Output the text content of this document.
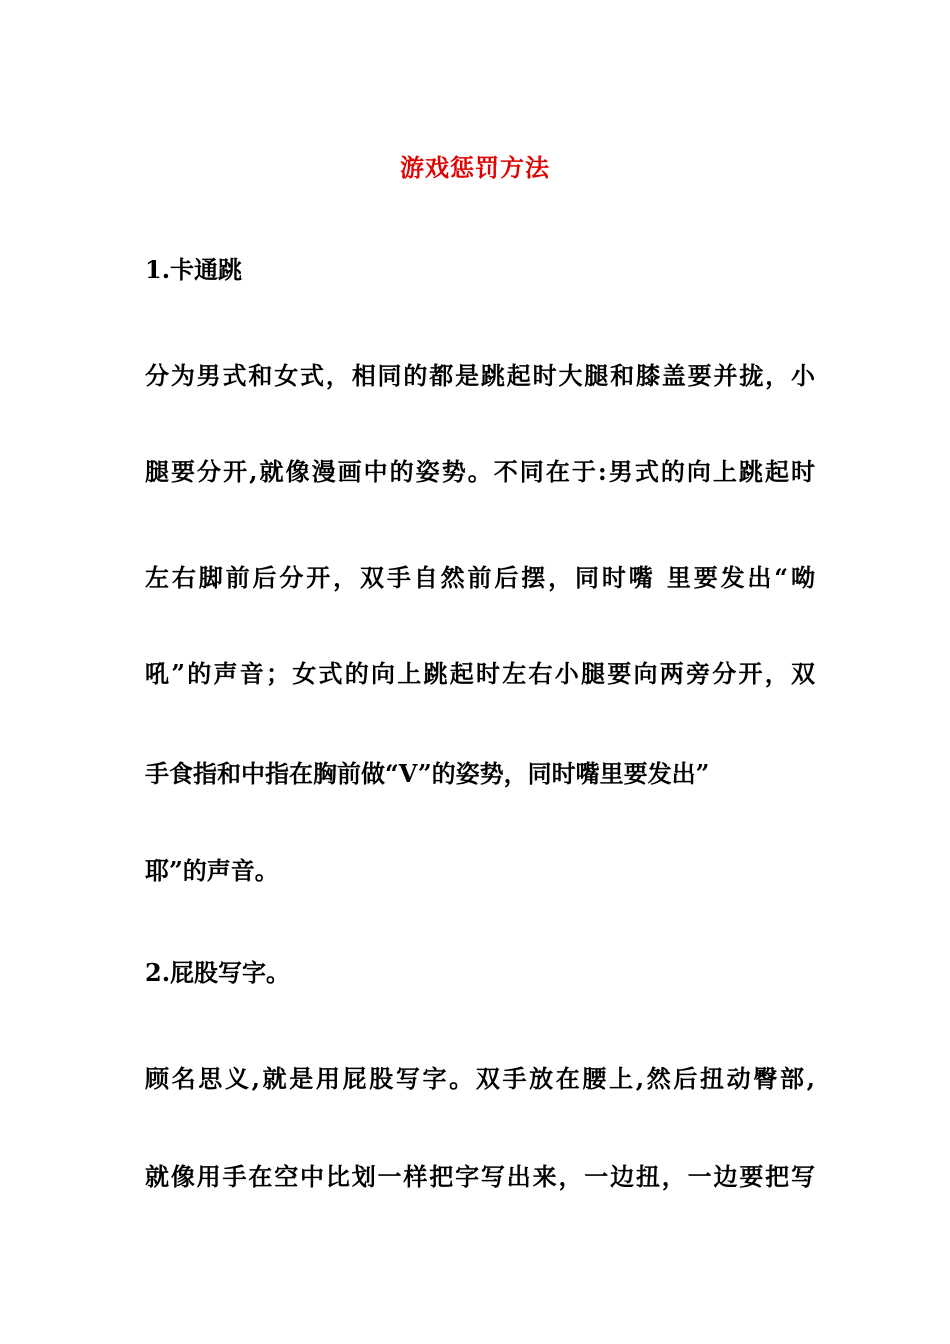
游戏惩罚方法
1.卡通跳
分为男式和女式，相同的都是跳起时大腿和膝盖要并拢，小
腿要分开,就像漫画中的姿势。不同在于:男式的向上跳起时
左右脚前后分开，双手自然前后摆，同时嘴 里要发出“呦
吼”的声音；女式的向上跳起时左右小腿要向两旁分开，双
手食指和中指在胸前做“V”的姿势，同时嘴里要发出”
耶”的声音。
2.屁股写字。
顾名思义,就是用屁股写字。双手放在腰上,然后扭动臀部,
就像用手在空中比划一样把字写出来，一边扭，一边要把写
